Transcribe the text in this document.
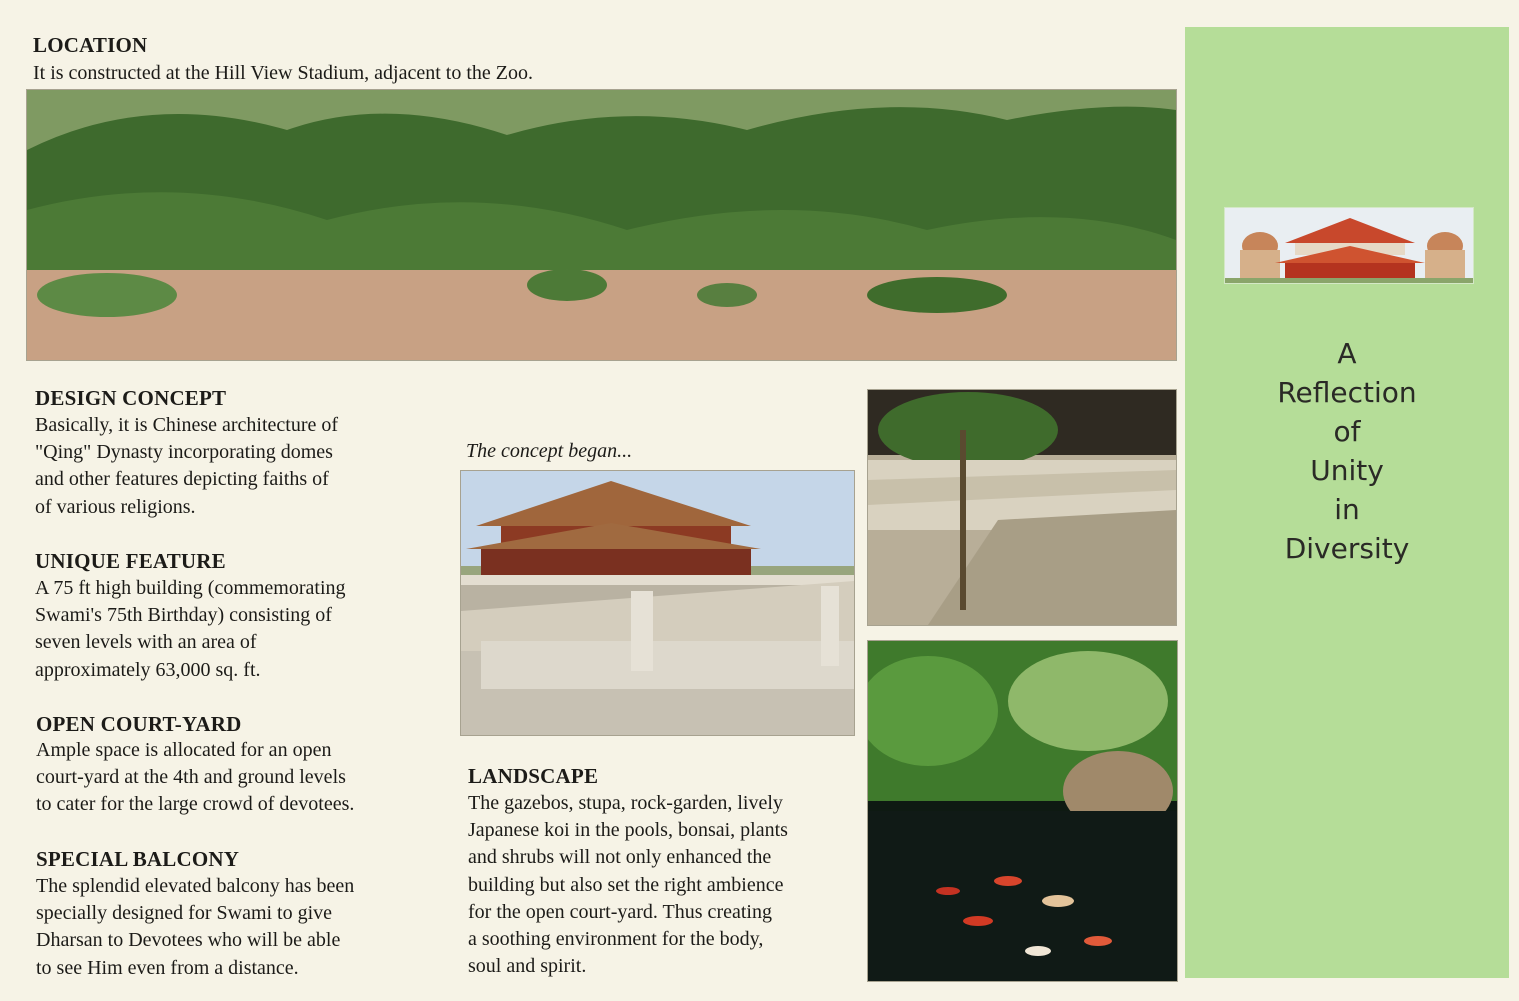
LOCATION
It is constructed at the Hill View Stadium, adjacent to the Zoo.
DESIGN CONCEPT
Basically, it is Chinese architecture of
"Qing" Dynasty incorporating domes
and other features depicting faiths of
of various religions.
UNIQUE FEATURE
A 75 ft high building (commemorating
Swami's 75th Birthday) consisting of
seven levels with an area of
approximately 63,000 sq. ft.
OPEN COURT-YARD
Ample space is allocated for an open
court-yard at the 4th and ground levels
to cater for the large crowd of devotees.
SPECIAL BALCONY
The splendid elevated balcony has been
specially designed for Swami to give
Dharsan to Devotees who will be able
to see Him even from a distance.
The concept began...
LANDSCAPE
The gazebos, stupa, rock-garden, lively
Japanese koi in the pools, bonsai, plants
and shrubs will not only enhanced the
building but also set the right ambience
for the open court-yard. Thus creating
a soothing environment for the body,
soul and spirit.
A
Reflection
of
Unity
in
Diversity
